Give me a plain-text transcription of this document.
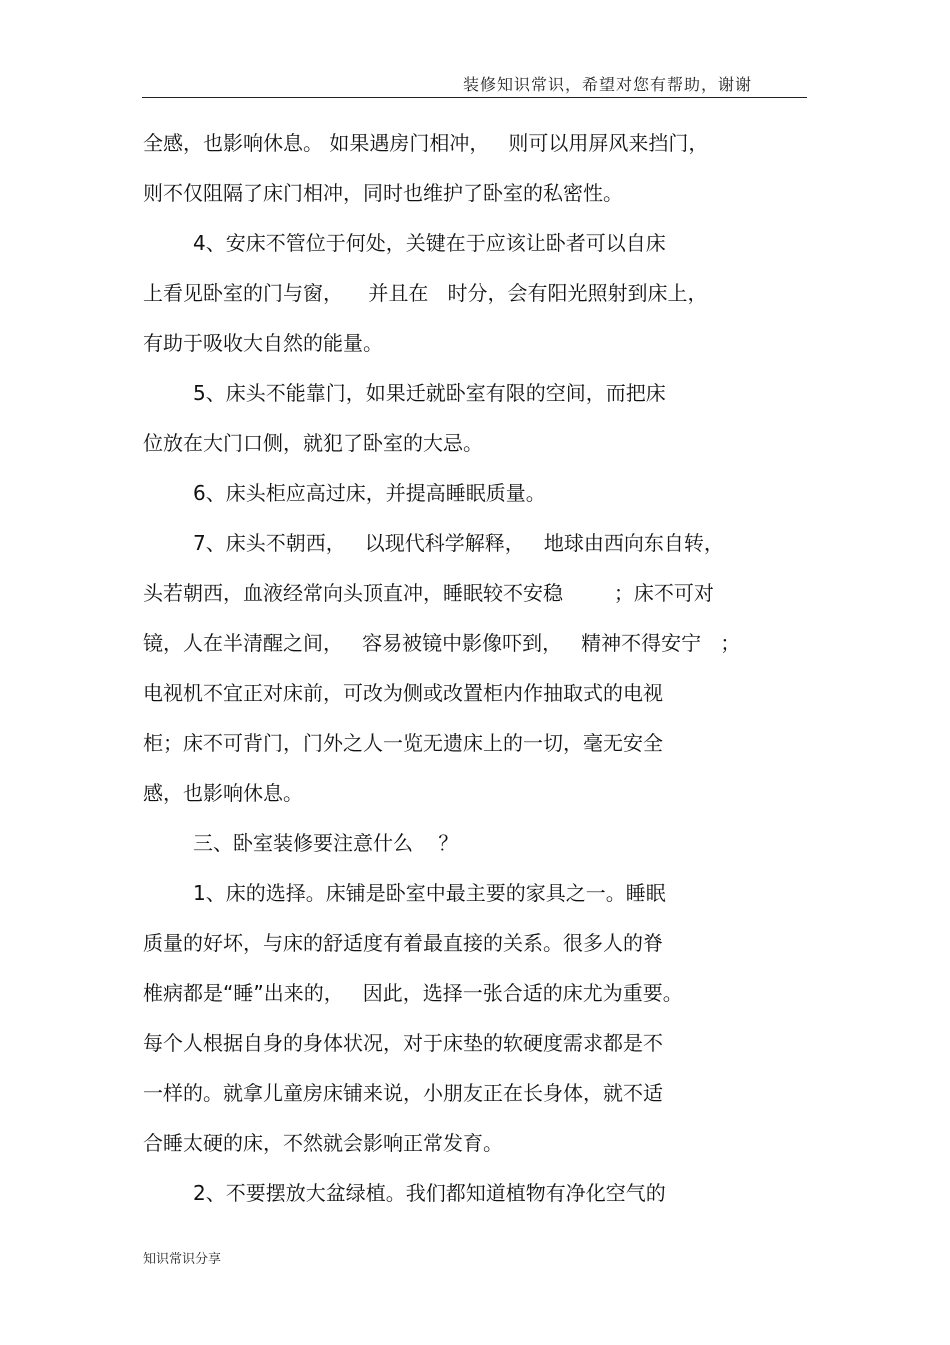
装修知识常识，希望对您有帮助，谢谢
全感，也影响休息。 如果遇房门相冲，   则可以用屏风来挡门，
则不仅阻隔了床门相冲，同时也维护了卧室的私密性。
4、安床不管位于何处，关键在于应该让卧者可以自床
上看见卧室的门与窗，    并且在   时分，会有阳光照射到床上，
有助于吸收大自然的能量。
5、床头不能靠门，如果迁就卧室有限的空间，而把床
位放在大门口侧，就犯了卧室的大忌。
6、床头柜应高过床，并提高睡眠质量。
7、床头不朝西，   以现代科学解释，   地球由西向东自转，
头若朝西，血液经常向头顶直冲，睡眠较不安稳        ；床不可对
镜，人在半清醒之间，   容易被镜中影像吓到，   精神不得安宁   ；
电视机不宜正对床前，可改为侧或改置柜内作抽取式的电视
柜；床不可背门，门外之人一览无遗床上的一切，毫无安全
感，也影响休息。
三、卧室装修要注意什么    ？
1、床的选择。床铺是卧室中最主要的家具之一。睡眠
质量的好坏，与床的舒适度有着最直接的关系。很多人的脊
椎病都是“睡”出来的，   因此，选择一张合适的床尤为重要。
每个人根据自身的身体状况，对于床垫的软硬度需求都是不
一样的。就拿儿童房床铺来说，小朋友正在长身体，就不适
合睡太硬的床，不然就会影响正常发育。
2、不要摆放大盆绿植。我们都知道植物有净化空气的
知识常识分享
